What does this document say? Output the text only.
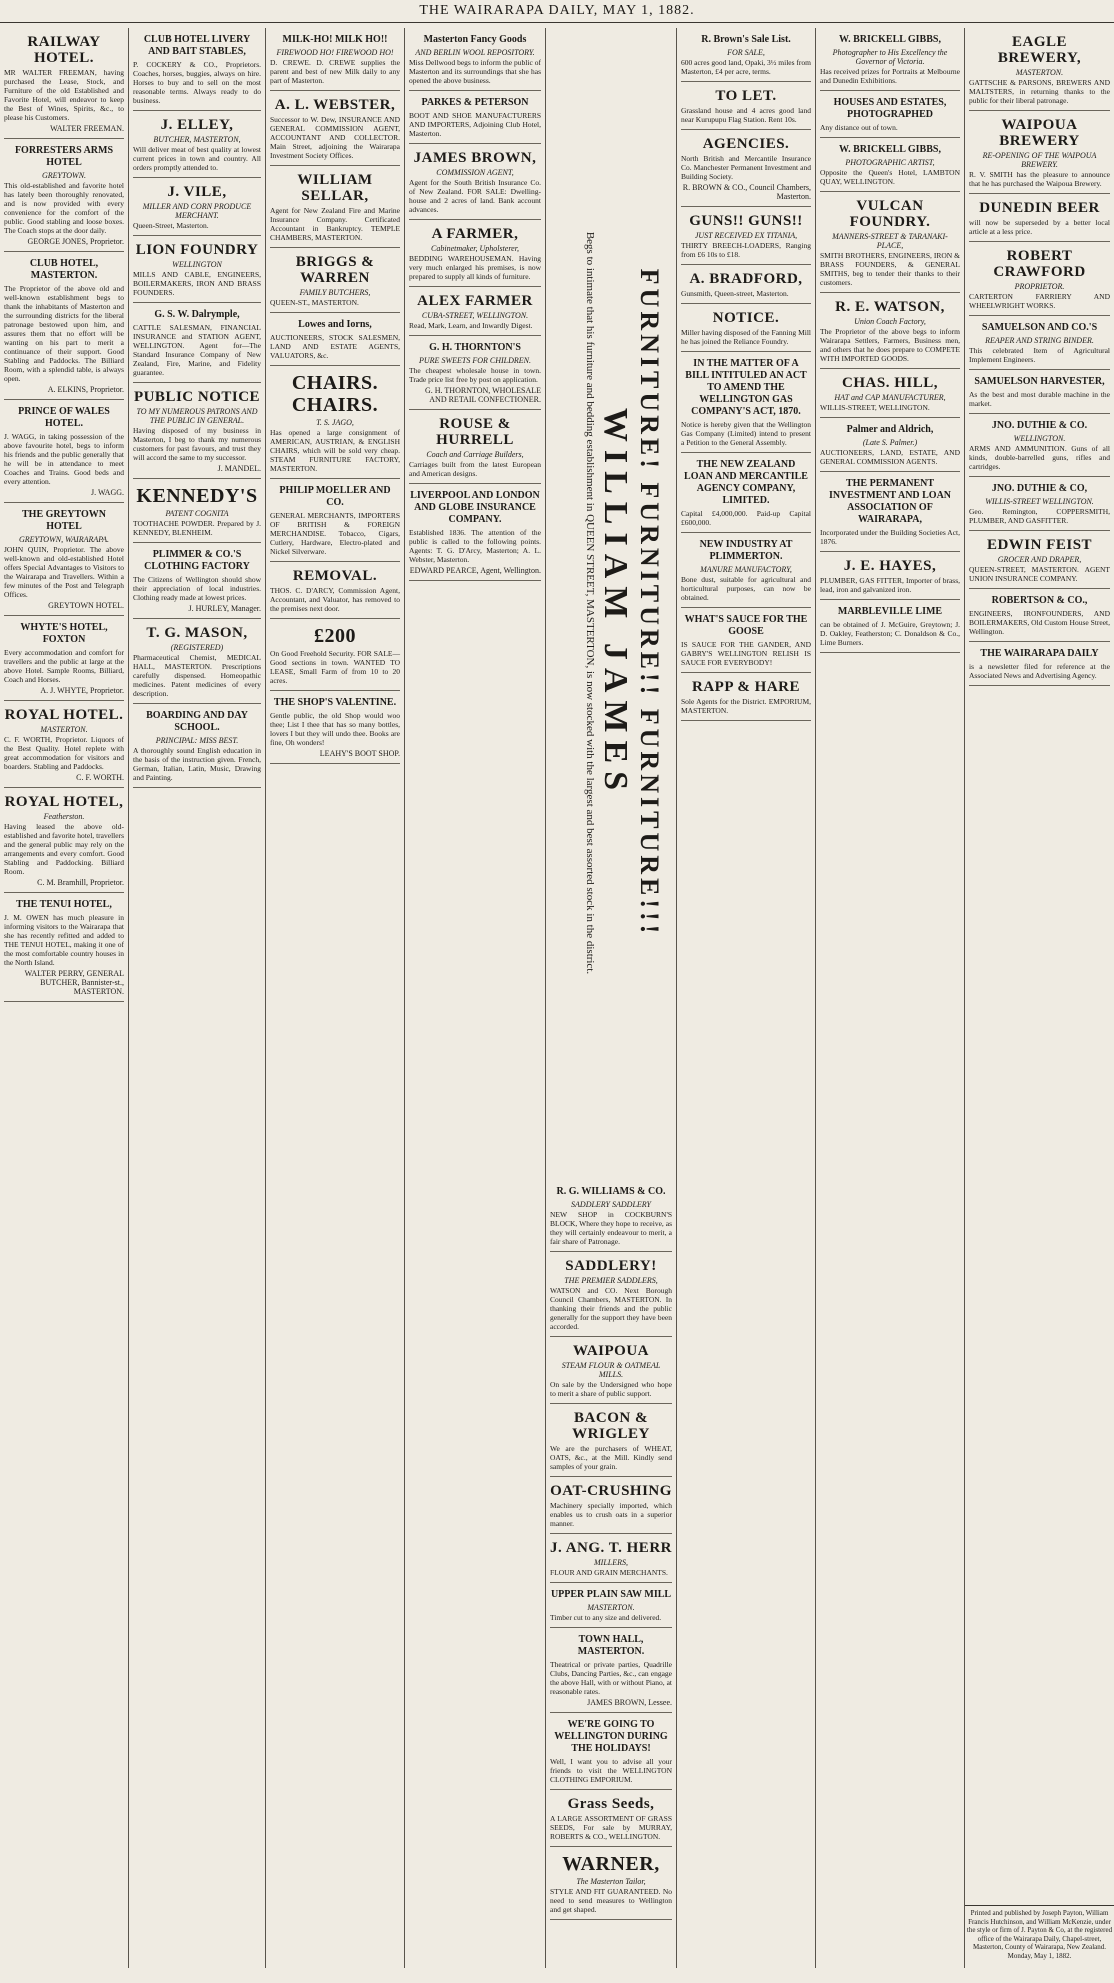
THE WAIRARAPA DAILY, MAY 1, 1882.
RAILWAY HOTEL.
MR WALTER FREEMAN, having purchased the Lease, Stock, and Furniture of the old Established and Favorite Hotel, will endeavor to keep the Best of Wines, Spirits, &c., to please his Customers.
WALTER FREEMAN.
FORRESTERS ARMS HOTEL
GREYTOWN.
This old-established and favorite hotel has lately been thoroughly renovated, and is now provided with every convenience for the comfort of the public. Good stabling and loose boxes. The Coach stops at the door daily.
GEORGE JONES, Proprietor.
CLUB HOTEL, MASTERTON.
The Proprietor of the above old and well-known establishment begs to thank the inhabitants of Masterton and the surrounding districts for the liberal patronage bestowed upon him, and assures them that no effort will be wanting on his part to merit a continuance of their support. Good Stabling and Paddocks. The Billiard Room, with a splendid table, is always open.
A. ELKINS, Proprietor.
PRINCE OF WALES HOTEL.
J. WAGG, in taking possession of the above favourite hotel, begs to inform his friends and the public generally that he will be in attendance to meet Coaches and Trains. Good beds and every attention.
J. WAGG.
THE GREYTOWN HOTEL
GREYTOWN, WAIRARAPA.
JOHN QUIN, Proprietor. The above well-known and old-established Hotel offers Special Advantages to Visitors to the Wairarapa and Travellers. Within a few minutes of the Post and Telegraph Offices.
GREYTOWN HOTEL.
WHYTE'S HOTEL, FOXTON
Every accommodation and comfort for travellers and the public at large at the above Hotel. Sample Rooms, Billiard, Coach and Horses.
A. J. WHYTE, Proprietor.
ROYAL HOTEL.
MASTERTON.
C. F. WORTH, Proprietor. Liquors of the Best Quality. Hotel replete with great accommodation for visitors and boarders. Stabling and Paddocks.
C. F. WORTH.
ROYAL HOTEL,
Featherston.
Having leased the above old-established and favorite hotel, travellers and the general public may rely on the arrangements and every comfort. Good Stabling and Paddocking. Billiard Room.
C. M. Bramhill, Proprietor.
THE TENUI HOTEL,
J. M. OWEN has much pleasure in informing visitors to the Wairarapa that she has recently refitted and added to THE TENUI HOTEL, making it one of the most comfortable country houses in the North Island.
WALTER PERRY, GENERAL BUTCHER, Bannister-st., MASTERTON.
CLUB HOTEL LIVERY AND BAIT STABLES,
P. COCKERY & CO., Proprietors. Coaches, horses, buggies, always on hire. Horses to buy and to sell on the most reasonable terms. Always ready to do business.
J. ELLEY,
BUTCHER, MASTERTON,
Will deliver meat of best quality at lowest current prices in town and country. All orders promptly attended to.
J. VILE,
MILLER AND CORN PRODUCE MERCHANT.
Queen-Street, Masterton.
LION FOUNDRY
WELLINGTON
MILLS AND CABLE, ENGINEERS, BOILERMAKERS, IRON AND BRASS FOUNDERS.
G. S. W. Dalrymple,
CATTLE SALESMAN, FINANCIAL INSURANCE and STATION AGENT, WELLINGTON. Agent for—The Standard Insurance Company of New Zealand, Fire, Marine, and Fidelity guarantee.
PUBLIC NOTICE
TO MY NUMEROUS PATRONS AND THE PUBLIC IN GENERAL.
Having disposed of my business in Masterton, I beg to thank my numerous customers for past favours, and trust they will accord the same to my successor.
J. MANDEL.
KENNEDY'S
PATENT COGNITA
TOOTHACHE POWDER. Prepared by J. KENNEDY, BLENHEIM.
PLIMMER & CO.'S CLOTHING FACTORY
The Citizens of Wellington should show their appreciation of local industries. Clothing ready made at lowest prices.
J. HURLEY, Manager.
T. G. MASON,
(REGISTERED)
Pharmaceutical Chemist, MEDICAL HALL, MASTERTON. Prescriptions carefully dispensed. Homeopathic medicines. Patent medicines of every description.
BOARDING AND DAY SCHOOL.
PRINCIPAL: MISS BEST.
A thoroughly sound English education in the basis of the instruction given. French, German, Italian, Latin, Music, Drawing and Painting.
MILK-HO! MILK HO!!
FIREWOOD HO! FIREWOOD HO!
D. CREWE. D. CREWE supplies the parent and best of new Milk daily to any part of Masterton.
A. L. WEBSTER,
Successor to W. Dew, INSURANCE AND GENERAL COMMISSION AGENT, ACCOUNTANT AND COLLECTOR. Main Street, adjoining the Wairarapa Investment Society Offices.
WILLIAM SELLAR,
Agent for New Zealand Fire and Marine Insurance Company. Certificated Accountant in Bankruptcy. TEMPLE CHAMBERS, MASTERTON.
BRIGGS & WARREN
FAMILY BUTCHERS,
QUEEN-ST., MASTERTON.
Lowes and Iorns,
AUCTIONEERS, STOCK SALESMEN, LAND AND ESTATE AGENTS, VALUATORS, &c.
CHAIRS. CHAIRS.
T. S. JAGO,
Has opened a large consignment of AMERICAN, AUSTRIAN, & ENGLISH CHAIRS, which will be sold very cheap. STEAM FURNITURE FACTORY, MASTERTON.
PHILIP MOELLER AND CO.
GENERAL MERCHANTS, IMPORTERS OF BRITISH & FOREIGN MERCHANDISE. Tobacco, Cigars, Cutlery, Hardware, Electro-plated and Nickel Silverware.
REMOVAL.
THOS. C. D'ARCY, Commission Agent, Accountant, and Valuator, has removed to the premises next door.
£200
On Good Freehold Security. FOR SALE—Good sections in town. WANTED TO LEASE, Small Farm of from 10 to 20 acres.
THE SHOP'S VALENTINE.
Gentle public, the old Shop would woo thee; List I thee that has so many bottles, lovers I but they will undo thee. Books are fine, Oh wonders!
LEAHY'S BOOT SHOP.
Masterton Fancy Goods
AND BERLIN WOOL REPOSITORY.
Miss Dellwood begs to inform the public of Masterton and its surroundings that she has opened the above business.
PARKES & PETERSON
BOOT AND SHOE MANUFACTURERS AND IMPORTERS, Adjoining Club Hotel, Masterton.
JAMES BROWN,
COMMISSION AGENT,
Agent for the South British Insurance Co. of New Zealand. FOR SALE: Dwelling-house and 2 acres of land. Bank account advances.
A FARMER,
Cabinetmaker, Upholsterer,
BEDDING WAREHOUSEMAN. Having very much enlarged his premises, is now prepared to supply all kinds of furniture.
ALEX FARMER
CUBA-STREET, WELLINGTON.
Read, Mark, Learn, and Inwardly Digest.
G. H. THORNTON'S
PURE SWEETS FOR CHILDREN.
The cheapest wholesale house in town. Trade price list free by post on application.
G. H. THORNTON, WHOLESALE AND RETAIL CONFECTIONER.
ROUSE & HURRELL
Coach and Carriage Builders,
Carriages built from the latest European and American designs.
LIVERPOOL AND LONDON AND GLOBE INSURANCE COMPANY.
Established 1836. The attention of the public is called to the following points. Agents: T. G. D'Arcy, Masterton; A. L. Webster, Masterton.
EDWARD PEARCE, Agent, Wellington.	FURNITURE! FURNITURE!! FURNITURE!!!
WILLIAM JAMES
Begs to intimate that his furniture and bedding establishment in QUEEN STREET, MASTERTON, is now stocked with the largest and best assorted stock in the district.
R. G. WILLIAMS & CO.
SADDLERY SADDLERY
NEW SHOP in COCKBURN'S BLOCK, Where they hope to receive, as they will certainly endeavour to merit, a fair share of Patronage.
SADDLERY!
THE PREMIER SADDLERS,
WATSON and CO. Next Borough Council Chambers, MASTERTON. In thanking their friends and the public generally for the support they have been accorded.
WAIPOUA
STEAM FLOUR & OATMEAL MILLS.
On sale by the Undersigned who hope to merit a share of public support.
BACON & WRIGLEY
We are the purchasers of WHEAT, OATS, &c., at the Mill. Kindly send samples of your grain.
OAT-CRUSHING
Machinery specially imported, which enables us to crush oats in a superior manner.
J. ANG. T. HERR
MILLERS,
FLOUR AND GRAIN MERCHANTS.
UPPER PLAIN SAW MILL
MASTERTON.
Timber cut to any size and delivered.
TOWN HALL, MASTERTON.
Theatrical or private parties, Quadrille Clubs, Dancing Parties, &c., can engage the above Hall, with or without Piano, at reasonable rates.
JAMES BROWN, Lessee.
WE'RE GOING TO WELLINGTON DURING THE HOLIDAYS!
Well, I want you to advise all your friends to visit the WELLINGTON CLOTHING EMPORIUM.
Grass Seeds,
A LARGE ASSORTMENT OF GRASS SEEDS, For sale by MURRAY, ROBERTS & CO., WELLINGTON.
WARNER,
The Masterton Tailor,
STYLE AND FIT GUARANTEED. No need to send measures to Wellington and get shaped.
R. Brown's Sale List.
FOR SALE,
600 acres good land, Opaki, 3½ miles from Masterton, £4 per acre, terms.
TO LET.
Grassland house and 4 acres good land near Kurupupu Flag Station. Rent 10s.
AGENCIES.
North British and Mercantile Insurance Co. Manchester Permanent Investment and Building Society.
R. BROWN & CO., Council Chambers, Masterton.
GUNS!! GUNS!!
JUST RECEIVED EX TITANIA,
THIRTY BREECH-LOADERS, Ranging from £6 10s to £18.
A. BRADFORD,
Gunsmith, Queen-street, Masterton.
NOTICE.
Miller having disposed of the Fanning Mill he has joined the Reliance Foundry.
IN THE MATTER OF A BILL INTITULED AN ACT TO AMEND THE WELLINGTON GAS COMPANY'S ACT, 1870.
Notice is hereby given that the Wellington Gas Company (Limited) intend to present a Petition to the General Assembly.
THE NEW ZEALAND LOAN AND MERCANTILE AGENCY COMPANY, LIMITED.
Capital £4,000,000. Paid-up Capital £600,000.
NEW INDUSTRY AT PLIMMERTON.
MANURE MANUFACTORY,
Bone dust, suitable for agricultural and horticultural purposes, can now be obtained.
WHAT'S SAUCE FOR THE GOOSE
IS SAUCE FOR THE GANDER, AND GABRY'S WELLINGTON RELISH IS SAUCE FOR EVERYBODY!
RAPP & HARE
Sole Agents for the District. EMPORIUM, MASTERTON.
W. BRICKELL GIBBS,
Photographer to His Excellency the Governor of Victoria.
Has received prizes for Portraits at Melbourne and Dunedin Exhibitions.
HOUSES AND ESTATES, PHOTOGRAPHED
Any distance out of town.
W. BRICKELL GIBBS,
PHOTOGRAPHIC ARTIST,
Opposite the Queen's Hotel, LAMBTON QUAY, WELLINGTON.
VULCAN FOUNDRY.
MANNERS-STREET & TARANAKI-PLACE,
SMITH BROTHERS, ENGINEERS, IRON & BRASS FOUNDERS, & GENERAL SMITHS, beg to tender their thanks to their customers.
R. E. WATSON,
Union Coach Factory,
The Proprietor of the above begs to inform Wairarapa Settlers, Farmers, Business men, and others that he does prepare to COMPETE WITH IMPORTED GOODS.
CHAS. HILL,
HAT and CAP MANUFACTURER,
WILLIS-STREET, WELLINGTON.
Palmer and Aldrich,
(Late S. Palmer.)
AUCTIONEERS, LAND, ESTATE, AND GENERAL COMMISSION AGENTS.
THE PERMANENT INVESTMENT AND LOAN ASSOCIATION OF WAIRARAPA,
Incorporated under the Building Societies Act, 1876.
J. E. HAYES,
PLUMBER, GAS FITTER, Importer of brass, lead, iron and galvanized iron.
MARBLEVILLE LIME
can be obtained of J. McGuire, Greytown; J. D. Oakley, Featherston; C. Donaldson & Co., Lime Burners.
EAGLE BREWERY,
MASTERTON.
GATTSCHE & PARSONS, BREWERS AND MALTSTERS, in returning thanks to the public for their liberal patronage.
WAIPOUA BREWERY
RE-OPENING OF THE WAIPOUA BREWERY.
R. V. SMITH has the pleasure to announce that he has purchased the Waipoua Brewery.
DUNEDIN BEER
will now be superseded by a better local article at a less price.
ROBERT CRAWFORD
PROPRIETOR.
CARTERTON FARRIERY AND WHEELWRIGHT WORKS.
SAMUELSON AND CO.'S
REAPER AND STRING BINDER.
This celebrated Item of Agricultural Implement Engineers.
SAMUELSON HARVESTER,
As the best and most durable machine in the market.
JNO. DUTHIE & CO.
WELLINGTON.
ARMS AND AMMUNITION. Guns of all kinds, double-barrelled guns, rifles and cartridges.
JNO. DUTHIE & CO,
WILLIS-STREET WELLINGTON.
Geo. Remington, COPPERSMITH, PLUMBER, AND GASFITTER.
EDWIN FEIST
GROCER AND DRAPER,
QUEEN-STREET, MASTERTON. AGENT UNION INSURANCE COMPANY.
ROBERTSON & CO.,
ENGINEERS, IRONFOUNDERS, AND BOILERMAKERS, Old Custom House Street, Wellington.
THE WAIRARAPA DAILY
is a newsletter filed for reference at the Associated News and Advertising Agency.
Printed and published by Joseph Payton, William Francis Hutchinson, and William McKenzie, under the style or firm of J. Payton & Co, at the registered office of the Wairarapa Daily, Chapel-street, Masterton, County of Wairarapa, New Zealand. Monday, May 1, 1882.
